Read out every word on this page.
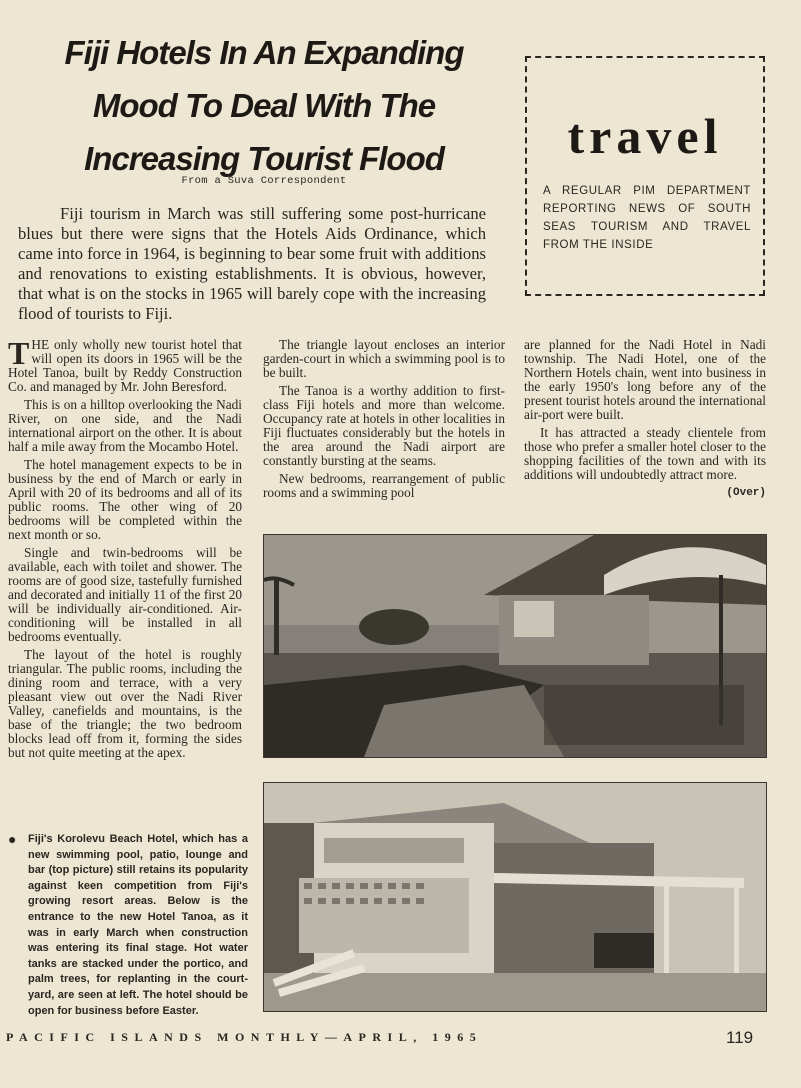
Fiji Hotels In An Expanding Mood To Deal With The Increasing Tourist Flood

From a Suva Correspondent

Fiji tourism in March was still suffering some post-hurricane blues but there were signs that the Hotels Aids Ordinance, which came into force in 1964, is beginning to bear some fruit with additions and renovations to existing establishments. It is obvious, however, that what is on the stocks in 1965 will barely cope with the increasing flood of tourists to Fiji.

travel
A REGULAR PIM DEPARTMENT REPORTING NEWS OF SOUTH SEAS TOURISM AND TRAVEL FROM THE INSIDE

THE only wholly new tourist hotel that will open its doors in 1965 will be the Hotel Tanoa, built by Reddy Construction Co. and managed by Mr. John Beresford.

This is on a hilltop overlooking the Nadi River, on one side, and the Nadi international airport on the other. It is about half a mile away from the Mocambo Hotel.

The hotel management expects to be in business by the end of March or early in April with 20 of its bedrooms and all of its public rooms. The other wing of 20 bedrooms will be completed within the next month or so.

Single and twin-bedrooms will be available, each with toilet and shower. The rooms are of good size, tastefully furnished and decorated and initially 11 of the first 20 will be individually air-conditioned. Air-conditioning will be installed in all bedrooms eventually.

The layout of the hotel is roughly triangular. The public rooms, including the dining room and terrace, with a very pleasant view out over the Nadi River Valley, canefields and mountains, is the base of the triangle; the two bedroom blocks lead off from it, forming the sides but not quite meeting at the apex.

The triangle layout encloses an interior garden-court in which a swimming pool is to be built.

The Tanoa is a worthy addition to first-class Fiji hotels and more than welcome. Occupancy rate at hotels in other localities in Fiji fluctuates considerably but the hotels in the area around the Nadi airport are constantly bursting at the seams.

New bedrooms, rearrangement of public rooms and a swimming pool

are planned for the Nadi Hotel in Nadi township. The Nadi Hotel, one of the Northern Hotels chain, went into business in the early 1950's long before any of the present tourist hotels around the international air-port were built.

It has attracted a steady clientele from those who prefer a smaller hotel closer to the shopping facilities of the town and with its additions will undoubtedly attract more.

(Over)
● Fiji's Korolevu Beach Hotel, which has a new swimming pool, patio, lounge and bar (top picture) still retains its popularity against keen competition from Fiji's growing resort areas. Below is the entrance to the new Hotel Tanoa, as it was in early March when construction was entering its final stage. Hot water tanks are stacked under the portico, and palm trees, for replanting in the court-yard, are seen at left. The hotel should be open for business before Easter.
PACIFIC ISLANDS MONTHLY—APRIL, 1965	119
